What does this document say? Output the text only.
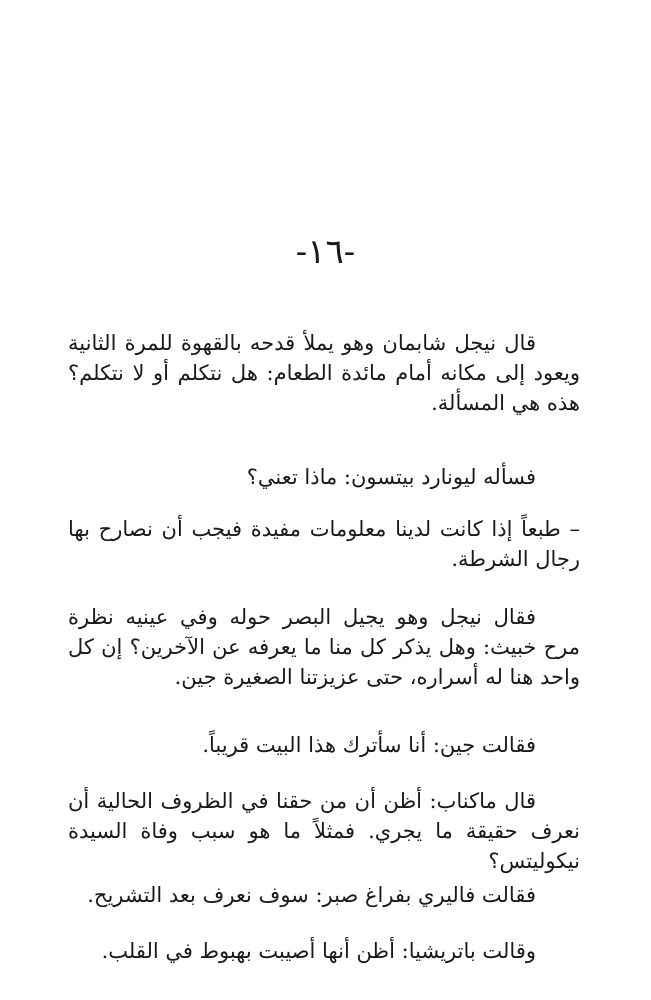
-١٦-

قال نيجل شابمان وهو يملأ قدحه بالقهوة للمرة الثانية ويعود إلى مكانه أمام مائدة الطعام: هل نتكلم أو لا نتكلم؟ هذه هي المسألة.

فسأله ليونارد بيتسون: ماذا تعني؟

– طبعاً إذا كانت لدينا معلومات مفيدة فيجب أن نصارح بها رجال الشرطة.

فقال نيجل وهو يجيل البصر حوله وفي عينيه نظرة مرح خبيث: وهل يذكر كل منا ما يعرفه عن الآخرين؟ إن كل واحد هنا له أسراره، حتى عزيزتنا الصغيرة جين.

فقالت جين: أنا سأترك هذا البيت قريباً.

قال ماكناب: أظن أن من حقنا في الظروف الحالية أن نعرف حقيقة ما يجري. فمثلاً ما هو سبب وفاة السيدة نيكوليتس؟

فقالت فاليري بفراغ صبر: سوف نعرف بعد التشريح.

وقالت باتريشيا: أظن أنها أصيبت بهبوط في القلب.
